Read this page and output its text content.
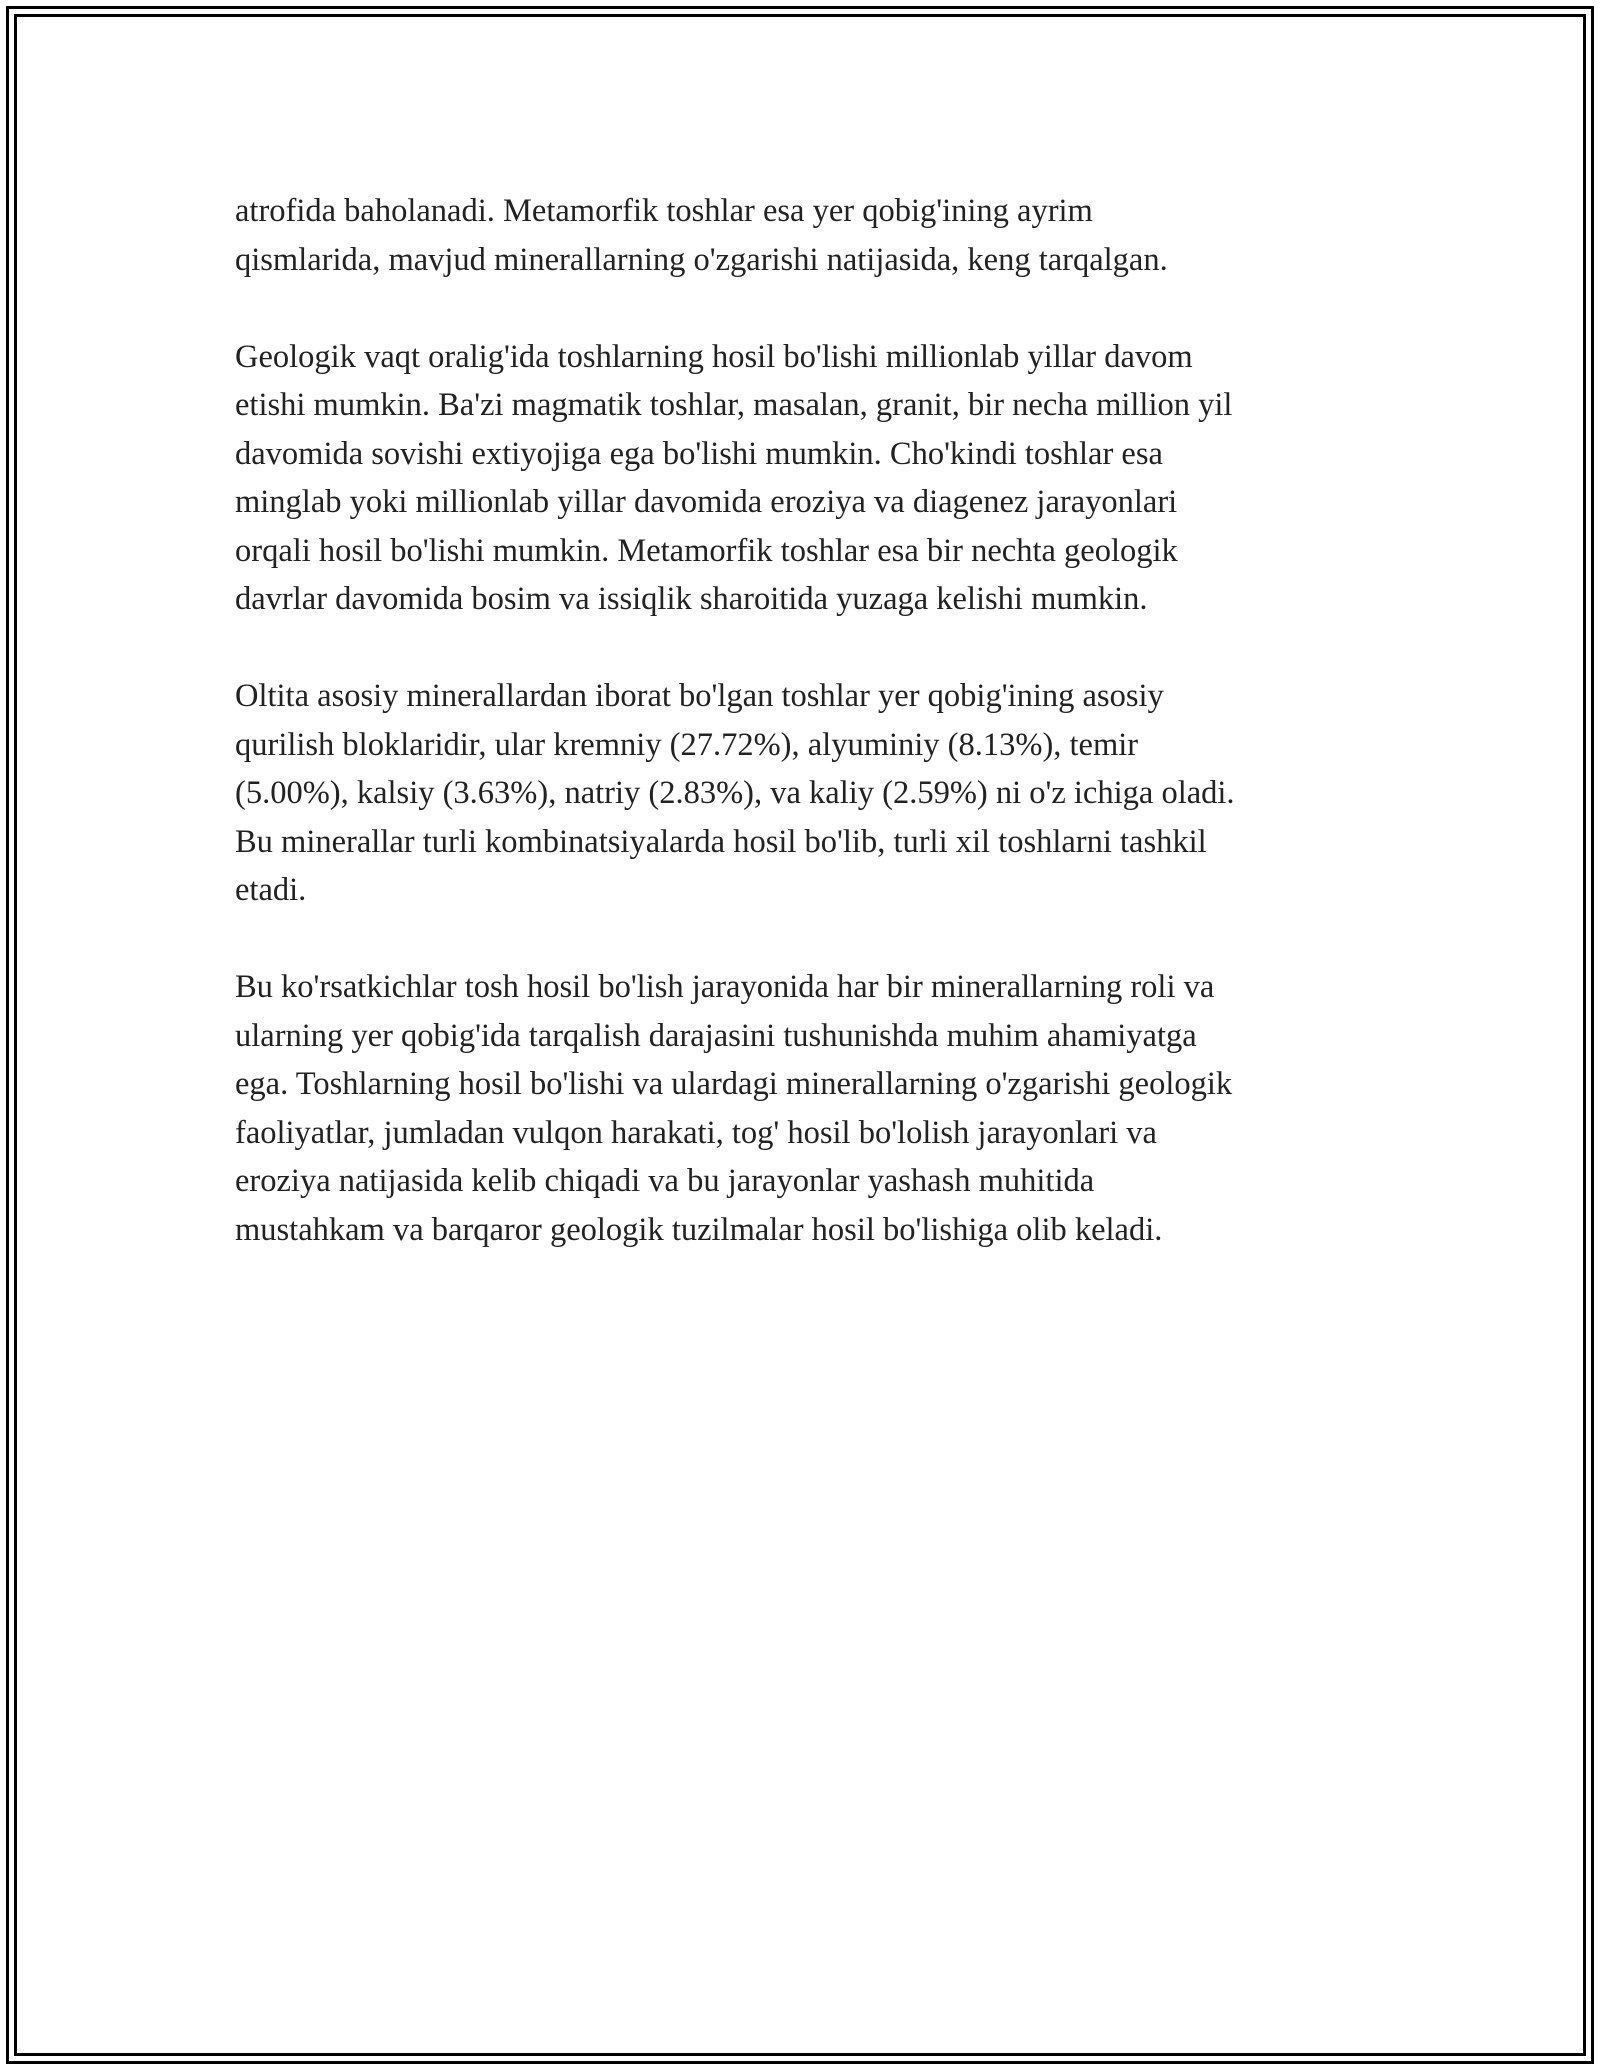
atrofida baholanadi. Metamorfik toshlar esa yer qobig'ining ayrim
qismlarida, mavjud minerallarning o'zgarishi natijasida, keng tarqalgan.

Geologik vaqt oralig'ida toshlarning hosil bo'lishi millionlab yillar davom
etishi mumkin. Ba'zi magmatik toshlar, masalan, granit, bir necha million yil
davomida sovishi extiyojiga ega bo'lishi mumkin. Cho'kindi toshlar esa
minglab yoki millionlab yillar davomida eroziya va diagenez jarayonlari
orqali hosil bo'lishi mumkin. Metamorfik toshlar esa bir nechta geologik
davrlar davomida bosim va issiqlik sharoitida yuzaga kelishi mumkin.

Oltita asosiy minerallardan iborat bo'lgan toshlar yer qobig'ining asosiy
qurilish bloklaridir, ular kremniy (27.72%), alyuminiy (8.13%), temir
(5.00%), kalsiy (3.63%), natriy (2.83%), va kaliy (2.59%) ni o'z ichiga oladi.
Bu minerallar turli kombinatsiyalarda hosil bo'lib, turli xil toshlarni tashkil
etadi.

Bu ko'rsatkichlar tosh hosil bo'lish jarayonida har bir minerallarning roli va
ularning yer qobig'ida tarqalish darajasini tushunishda muhim ahamiyatga
ega. Toshlarning hosil bo'lishi va ulardagi minerallarning o'zgarishi geologik
faoliyatlar, jumladan vulqon harakati, tog' hosil bo'lolish jarayonlari va
eroziya natijasida kelib chiqadi va bu jarayonlar yashash muhitida
mustahkam va barqaror geologik tuzilmalar hosil bo'lishiga olib keladi.
